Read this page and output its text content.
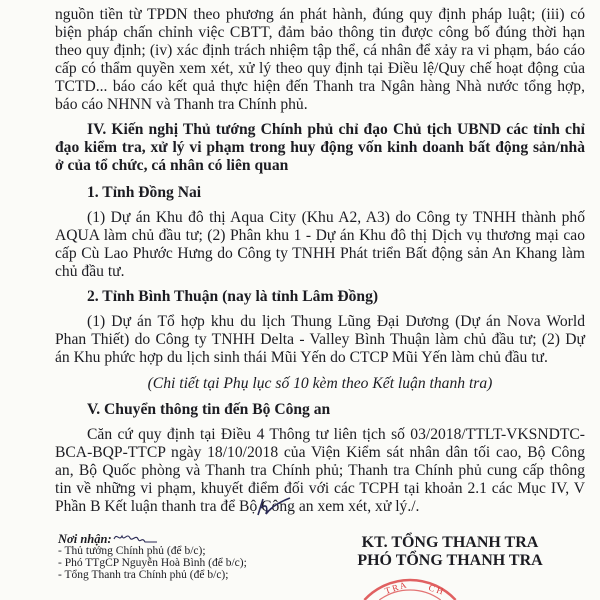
nguồn tiền từ TPDN theo phương án phát hành, đúng quy định pháp luật; (iii) có
biện pháp chấn chỉnh việc CBTT, đảm bảo thông tin được công bố đúng thời hạn
theo quy định; (iv) xác định trách nhiệm tập thể, cá nhân để xảy ra vi phạm, báo cáo
cấp có thẩm quyền xem xét, xử lý theo quy định tại Điều lệ/Quy chế hoạt động của
TCTD... báo cáo kết quả thực hiện đến Thanh tra Ngân hàng Nhà nước tổng hợp,
báo cáo NHNN và Thanh tra Chính phủ.
IV. Kiến nghị Thủ tướng Chính phủ chỉ đạo Chủ tịch UBND các tỉnh chỉ
đạo kiểm tra, xử lý vi phạm trong huy động vốn kinh doanh bất động sản/nhà
ở của tổ chức, cá nhân có liên quan
1. Tỉnh Đồng Nai
(1) Dự án Khu đô thị Aqua City (Khu A2, A3) do Công ty TNHH thành phố
AQUA làm chủ đầu tư; (2) Phân khu 1 - Dự án Khu đô thị Dịch vụ thương mại cao
cấp Cù Lao Phước Hưng do Công ty TNHH Phát triển Bất động sản An Khang làm
chủ đầu tư.
2. Tỉnh Bình Thuận (nay là tỉnh Lâm Đồng)
(1) Dự án Tổ hợp khu du lịch Thung Lũng Đại Dương (Dự án Nova World
Phan Thiết) do Công ty TNHH Delta - Valley Bình Thuận làm chủ đầu tư; (2) Dự
án Khu phức hợp du lịch sinh thái Mũi Yến do CTCP Mũi Yến làm chủ đầu tư.
(Chi tiết tại Phụ lục số 10 kèm theo Kết luận thanh tra)
V. Chuyển thông tin đến Bộ Công an
Căn cứ quy định tại Điều 4 Thông tư liên tịch số 03/2018/TTLT-VKSNDTC-
BCA-BQP-TTCP ngày 18/10/2018 của Viện Kiểm sát nhân dân tối cao, Bộ Công
an, Bộ Quốc phòng và Thanh tra Chính phủ; Thanh tra Chính phủ cung cấp thông
tin về những vi phạm, khuyết điểm đối với các TCPH tại khoản 2.1 các Mục IV, V
Phần B Kết luận thanh tra để Bộ Công an xem xét, xử lý./.
Nơi nhận:
- Thủ tướng Chính phủ (để b/c);
- Phó TTgCP Nguyễn Hoà Bình (để b/c);
- Tổng Thanh tra Chính phủ (để b/c);
KT. TỔNG THANH TRA
PHÓ TỔNG THANH TRA
T R A C H
